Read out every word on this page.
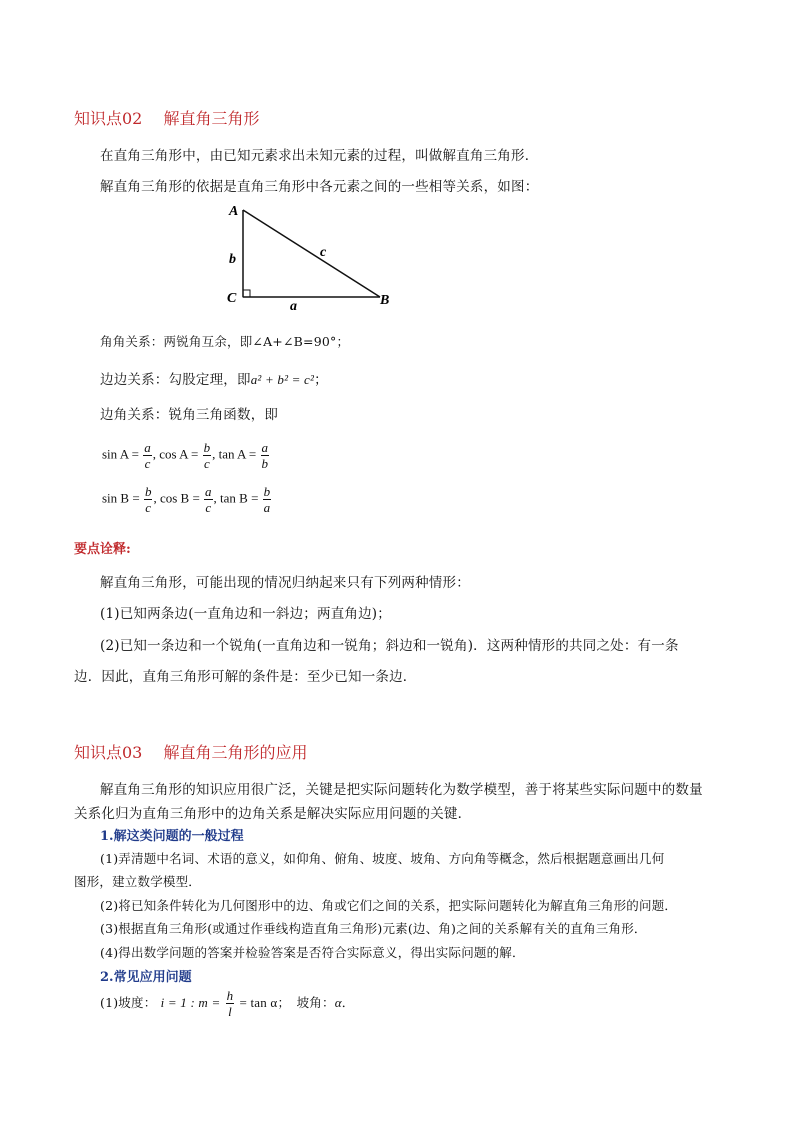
知识点02　 解直角三角形
在直角三角形中，由已知元素求出未知元素的过程，叫做解直角三角形．
解直角三角形的依据是直角三角形中各元素之间的一些相等关系，如图：
A
b	c
C
a	B
角角关系：两锐角互余，即∠A+∠B=90°；
边边关系：勾股定理，即a² + b² = c²；
边角关系：锐角三角函数，即
$\sin A = \frac{a}{c}$ , $\cos A = \frac{b}{c}$ , $\tan A = \frac{a}{b}$
$\sin B = \frac{b}{c}$ , $\cos B = \frac{a}{c}$ , $\tan B = \frac{b}{a}$
要点诠释:
解直角三角形，可能出现的情况归纳起来只有下列两种情形：
(1)已知两条边(一直角边和一斜边；两直角边)；
(2)已知一条边和一个锐角(一直角边和一锐角；斜边和一锐角)．这两种情形的共同之处：有一条
边．因此，直角三角形可解的条件是：至少已知一条边．
知识点03　 解直角三角形的应用
解直角三角形的知识应用很广泛，关键是把实际问题转化为数学模型，善于将某些实际问题中的数量
关系化归为直角三角形中的边角关系是解决实际应用问题的关键．
1.解这类问题的一般过程
(1)弄清题中名词、术语的意义，如仰角、俯角、坡度、坡角、方向角等概念，然后根据题意画出几何
图形，建立数学模型．
(2)将已知条件转化为几何图形中的边、角或它们之间的关系，把实际问题转化为解直角三角形的问题．
(3)根据直角三角形(或通过作垂线构造直角三角形)元素(边、角)之间的关系解有关的直角三角形．
(4)得出数学问题的答案并检验答案是否符合实际意义，得出实际问题的解．
2.常见应用问题
(1)坡度： i = 1 : $m = \frac{h}{l} = \tan \alpha$；　坡角：α．
